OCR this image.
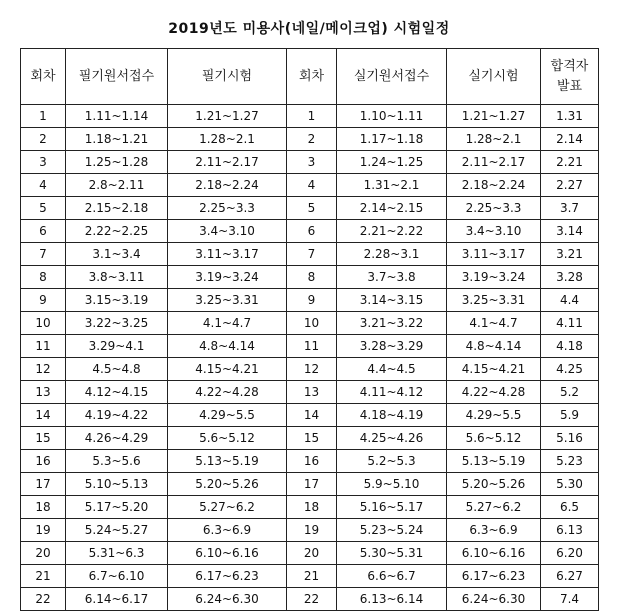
2019년도 미용사(네일/메이크업) 시험일정
회차	필기원서접수	필기시험	회차	실기원서접수	실기시험	합격자
발표
1	1.11~1.14	1.21~1.27	1	1.10~1.11	1.21~1.27	1.31
2	1.18~1.21	1.28~2.1	2	1.17~1.18	1.28~2.1	2.14
3	1.25~1.28	2.11~2.17	3	1.24~1.25	2.11~2.17	2.21
4	2.8~2.11	2.18~2.24	4	1.31~2.1	2.18~2.24	2.27
5	2.15~2.18	2.25~3.3	5	2.14~2.15	2.25~3.3	3.7
6	2.22~2.25	3.4~3.10	6	2.21~2.22	3.4~3.10	3.14
7	3.1~3.4	3.11~3.17	7	2.28~3.1	3.11~3.17	3.21
8	3.8~3.11	3.19~3.24	8	3.7~3.8	3.19~3.24	3.28
9	3.15~3.19	3.25~3.31	9	3.14~3.15	3.25~3.31	4.4
10	3.22~3.25	4.1~4.7	10	3.21~3.22	4.1~4.7	4.11
11	3.29~4.1	4.8~4.14	11	3.28~3.29	4.8~4.14	4.18
12	4.5~4.8	4.15~4.21	12	4.4~4.5	4.15~4.21	4.25
13	4.12~4.15	4.22~4.28	13	4.11~4.12	4.22~4.28	5.2
14	4.19~4.22	4.29~5.5	14	4.18~4.19	4.29~5.5	5.9
15	4.26~4.29	5.6~5.12	15	4.25~4.26	5.6~5.12	5.16
16	5.3~5.6	5.13~5.19	16	5.2~5.3	5.13~5.19	5.23
17	5.10~5.13	5.20~5.26	17	5.9~5.10	5.20~5.26	5.30
18	5.17~5.20	5.27~6.2	18	5.16~5.17	5.27~6.2	6.5
19	5.24~5.27	6.3~6.9	19	5.23~5.24	6.3~6.9	6.13
20	5.31~6.3	6.10~6.16	20	5.30~5.31	6.10~6.16	6.20
21	6.7~6.10	6.17~6.23	21	6.6~6.7	6.17~6.23	6.27
22	6.14~6.17	6.24~6.30	22	6.13~6.14	6.24~6.30	7.4
